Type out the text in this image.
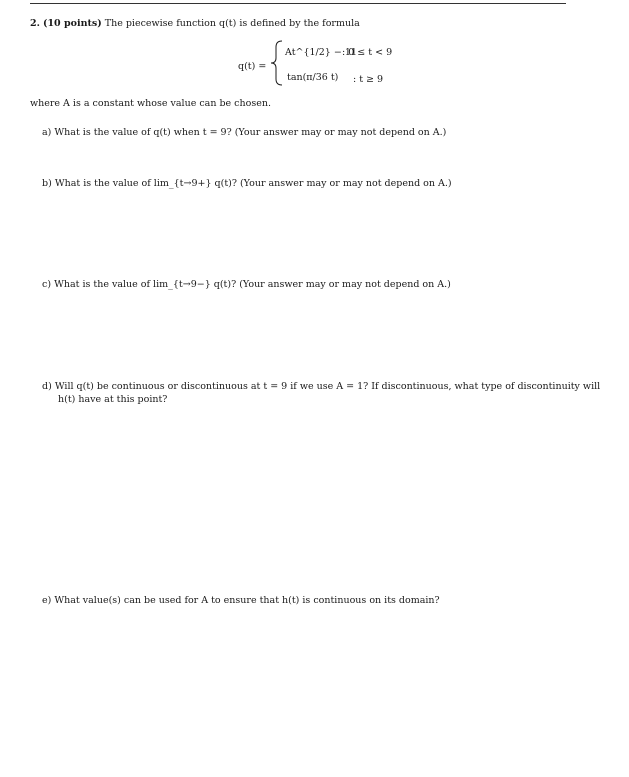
2. (10 points) The piecewise function q(t) is defined by the formula
q(t) =
At^{1/2} − 11
: 0 ≤ t < 9
tan(π/36 t) : t ≥ 9
where A is a constant whose value can be chosen.
a) What is the value of q(t) when t = 9? (Your answer may or may not depend on A.)
b) What is the value of lim_{t→9+} q(t)? (Your answer may or may not depend on A.)
c) What is the value of lim_{t→9−} q(t)? (Your answer may or may not depend on A.)
d) Will q(t) be continuous or discontinuous at t = 9 if we use A = 1? If discontinuous, what type of discontinuity will h(t) have at this point?
e) What value(s) can be used for A to ensure that h(t) is continuous on its domain?
